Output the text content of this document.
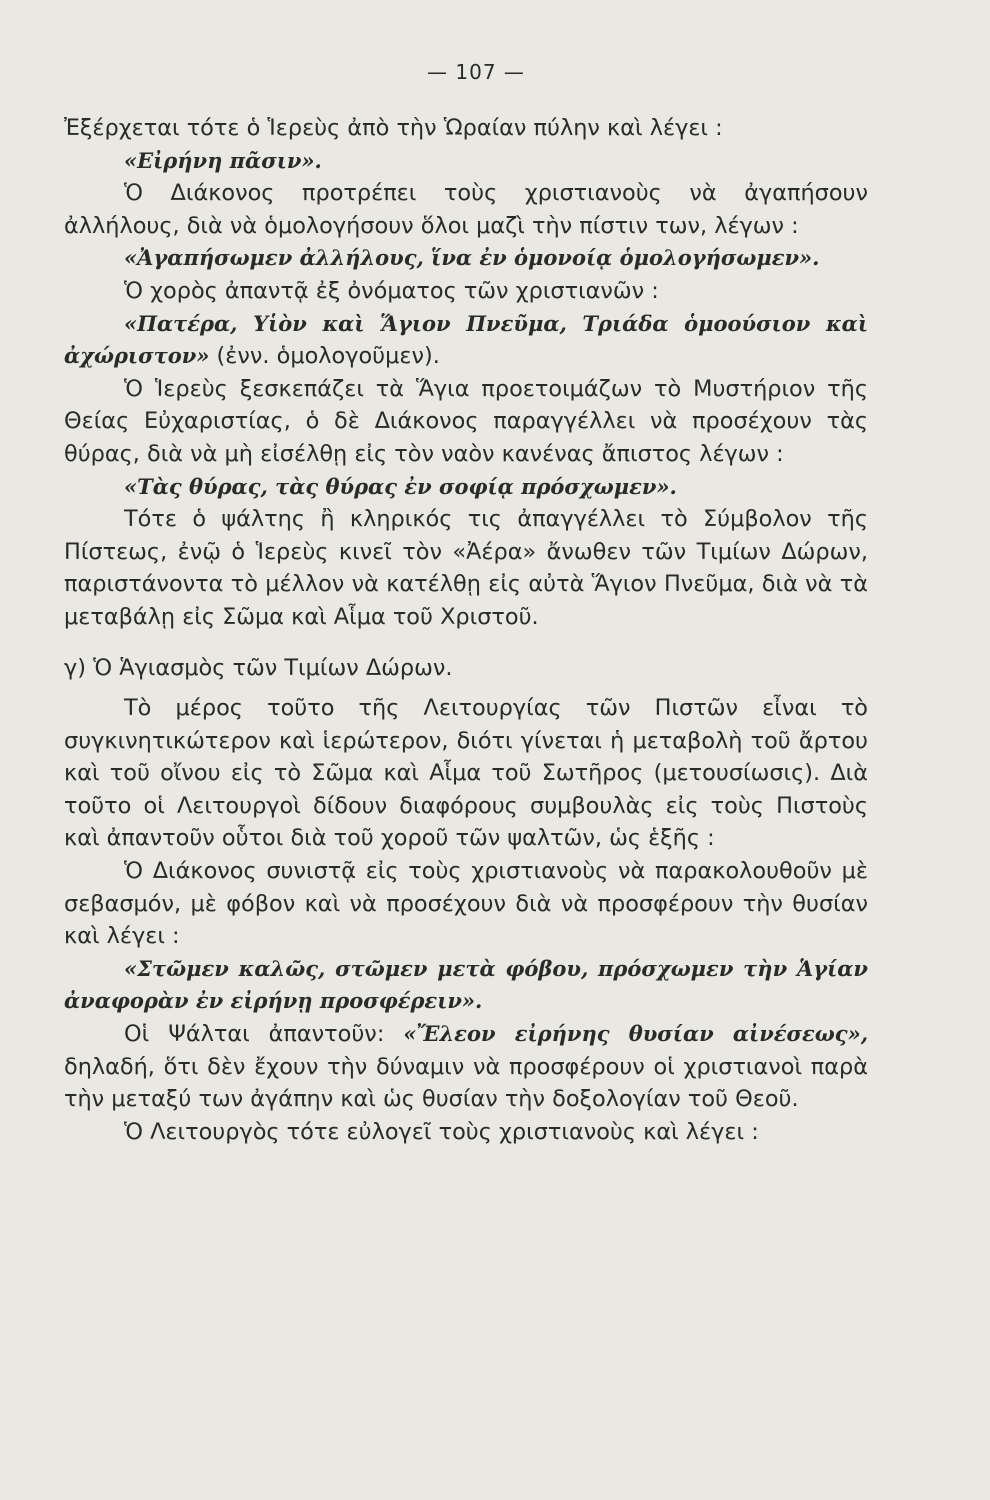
— 107 —

Ἐξέρχεται τότε ὁ Ἱερεὺς ἀπὸ τὴν Ὡραίαν πύλην καὶ λέγει :

«Εἰρήνη πᾶσιν».

Ὁ Διάκονος προτρέπει τοὺς χριστιανοὺς νὰ ἀγαπήσουν ἀλλήλους, διὰ νὰ ὁμολογήσουν ὅλοι μαζὶ τὴν πίστιν των, λέγων :

«Ἀγαπήσωμεν ἀλλήλους, ἵνα ἐν ὁμονοίᾳ ὁμολογήσωμεν».

Ὁ χορὸς ἀπαντᾷ ἐξ ὀνόματος τῶν χριστιανῶν :

«Πατέρα, Υἱὸν καὶ Ἅγιον Πνεῦμα, Τριάδα ὁμοούσιον καὶ ἀχώριστον» (ἐνν. ὁμολογοῦμεν).

Ὁ Ἱερεὺς ξεσκεπάζει τὰ Ἅγια προετοιμάζων τὸ Μυστήριον τῆς Θείας Εὐχαριστίας, ὁ δὲ Διάκονος παραγγέλλει νὰ προσέχουν τὰς θύρας, διὰ νὰ μὴ εἰσέλθῃ εἰς τὸν ναὸν κανένας ἄπιστος λέγων :

«Τὰς θύρας, τὰς θύρας ἐν σοφίᾳ πρόσχωμεν».

Τότε ὁ ψάλτης ἢ κληρικός τις ἀπαγγέλλει τὸ Σύμβολον τῆς Πίστεως, ἐνῷ ὁ Ἱερεὺς κινεῖ τὸν «Ἀέρα» ἄνωθεν τῶν Τιμίων Δώρων, παριστάνοντα τὸ μέλλον νὰ κατέλθῃ εἰς αὐτὰ Ἅγιον Πνεῦμα, διὰ νὰ τὰ μεταβάλῃ εἰς Σῶμα καὶ Αἷμα τοῦ Χριστοῦ.

γ) Ὁ Ἁγιασμὸς τῶν Τιμίων Δώρων.

Τὸ μέρος τοῦτο τῆς Λειτουργίας τῶν Πιστῶν εἶναι τὸ συγκινητικώτερον καὶ ἱερώτερον, διότι γίνεται ἡ μεταβολὴ τοῦ ἄρτου καὶ τοῦ οἴνου εἰς τὸ Σῶμα καὶ Αἷμα τοῦ Σωτῆρος (μετουσίωσις). Διὰ τοῦτο οἱ Λειτουργοὶ δίδουν διαφόρους συμβουλὰς εἰς τοὺς Πιστοὺς καὶ ἀπαντοῦν οὗτοι διὰ τοῦ χοροῦ τῶν ψαλτῶν, ὡς ἑξῆς :

Ὁ Διάκονος συνιστᾷ εἰς τοὺς χριστιανοὺς νὰ παρακολουθοῦν μὲ σεβασμόν, μὲ φόβον καὶ νὰ προσέχουν διὰ νὰ προσφέρουν τὴν θυσίαν καὶ λέγει :

«Στῶμεν καλῶς, στῶμεν μετὰ φόβου, πρόσχωμεν τὴν Ἁγίαν ἀναφορὰν ἐν εἰρήνῃ προσφέρειν».

Οἱ Ψάλται ἀπαντοῦν: «Ἔλεον εἰρήνης θυσίαν αἰνέσεως», δηλαδή, ὅτι δὲν ἔχουν τὴν δύναμιν νὰ προσφέρουν οἱ χριστιανοὶ παρὰ τὴν μεταξύ των ἀγάπην καὶ ὡς θυσίαν τὴν δοξολογίαν τοῦ Θεοῦ.

Ὁ Λειτουργὸς τότε εὐλογεῖ τοὺς χριστιανοὺς καὶ λέγει :
